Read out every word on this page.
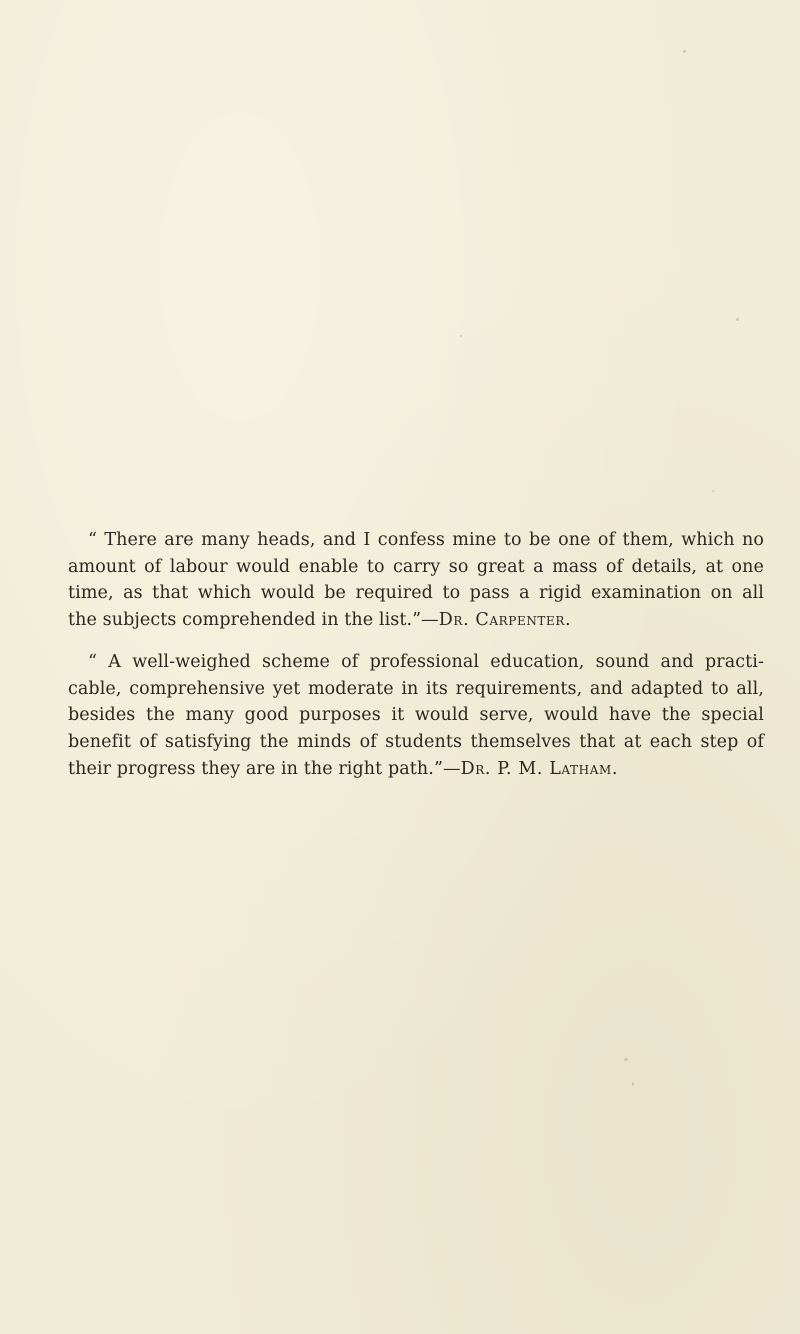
“ There are many heads, and I confess mine to be one of them, which no
amount of labour would enable to carry so great a mass of details, at one
time, as that which would be required to pass a rigid examination on all
the subjects comprehended in the list.”—Dr. Carpenter.
“ A well-weighed scheme of professional education, sound and practi-
cable, comprehensive yet moderate in its requirements, and adapted to all,
besides the many good purposes it would serve, would have the special
benefit of satisfying the minds of students themselves that at each step of
their progress they are in the right path.”—Dr. P. M. Latham.
